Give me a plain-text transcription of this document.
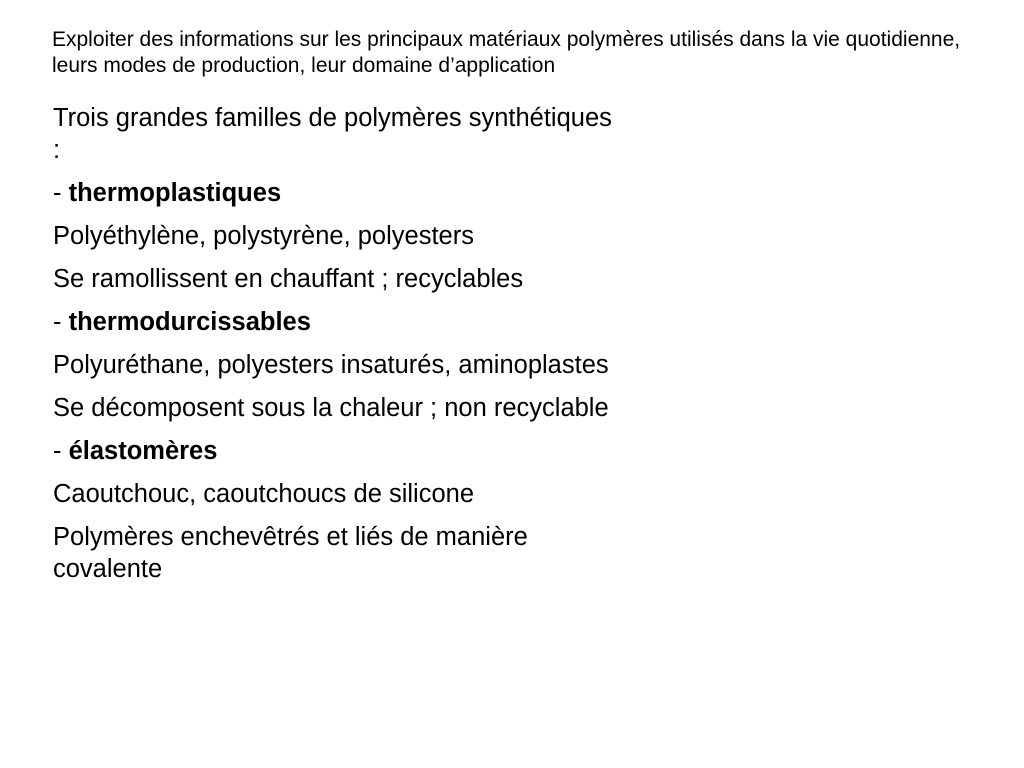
Exploiter des informations sur les principaux matériaux polymères utilisés dans la vie quotidienne, leurs modes de production, leur domaine d’application

Trois grandes familles de polymères synthétiques :

- thermoplastiques

Polyéthylène, polystyrène, polyesters

Se ramollissent en chauffant ; recyclables

- thermodurcissables

Polyuréthane, polyesters insaturés, aminoplastes

Se décomposent sous la chaleur ; non recyclable

- élastomères

Caoutchouc, caoutchoucs de silicone

Polymères enchevêtrés et liés de manière covalente
